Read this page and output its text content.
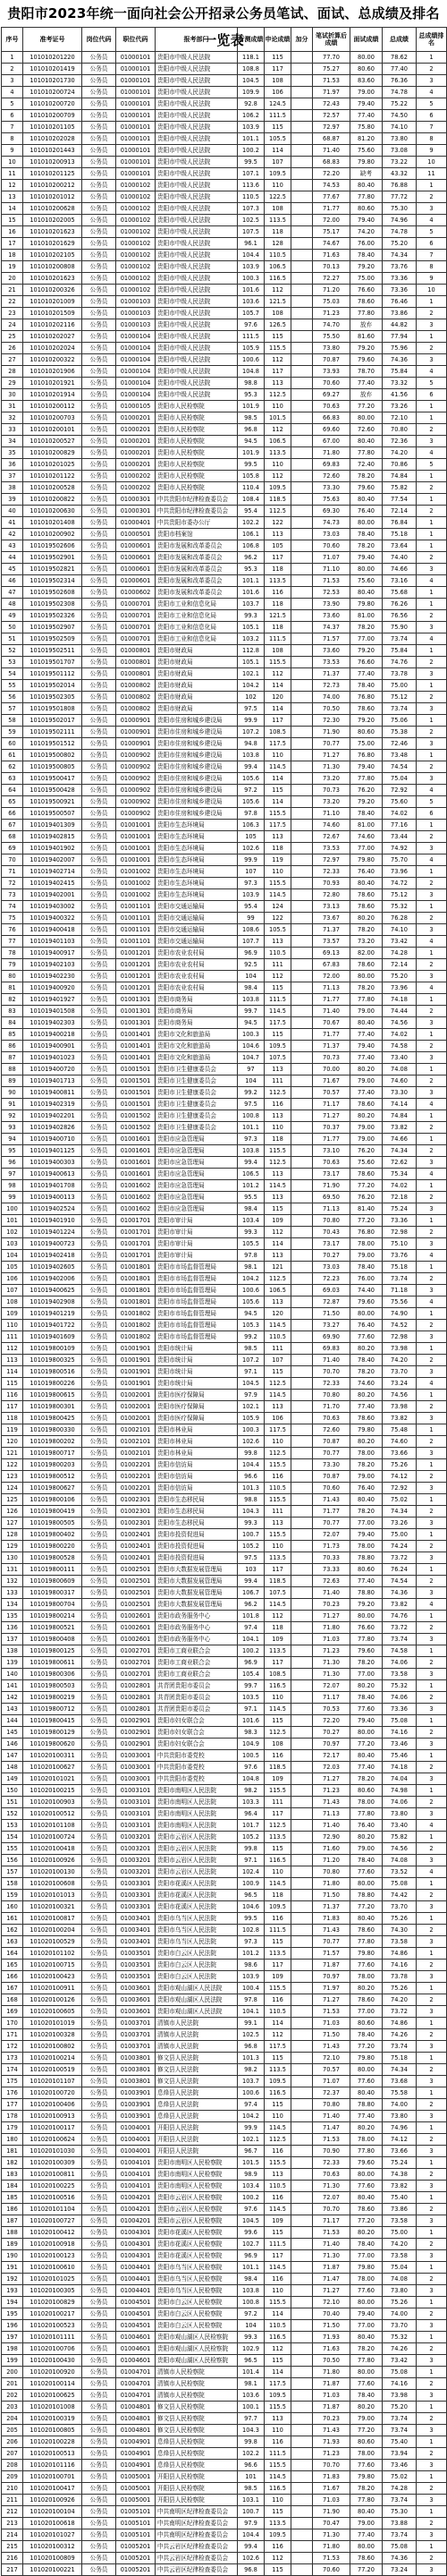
贵阳市2023年统一面向社会公开招录公务员笔试、面试、总成绩及排名一览表
序号	准考证号	岗位代码	职位代码	报考部门	行测成绩	申论成绩	加分	笔试折算后成绩	面试成绩	总成绩	总成绩排名
1	101010201220	公务员	01000101	贵阳市中级人民法院	118.1	115		77.70	80.00	78.62	1
2	101010201419	公务员	01000101	贵阳市中级人民法院	108.8	117		75.27	80.60	77.40	2
3	101010201730	公务员	01000101	贵阳市中级人民法院	104.5	108		71.53	83.60	76.36	3
4	101010200724	公务员	01000101	贵阳市中级人民法院	109.9	106		71.97	79.00	74.78	4
5	101010200720	公务员	01000101	贵阳市中级人民法院	92.8	124.5		72.43	79.40	75.22	5
6	101010200709	公务员	01000101	贵阳市中级人民法院	106.2	111.5		72.57	77.40	74.50	6
7	101010201105	公务员	01000101	贵阳市中级人民法院	103.9	115		72.97	75.80	74.10	7
8	101010202028	公务员	01000101	贵阳市中级人民法院	101.1	105.5		68.87	81.20	73.80	8
9	101010201443	公务员	01000101	贵阳市中级人民法院	100.2	114		71.40	75.60	73.08	9
10	101010200913	公务员	01000101	贵阳市中级人民法院	99.5	107		68.83	79.80	73.22	10
11	101010201125	公务员	01000101	贵阳市中级人民法院	107.1	109.5		72.20	缺考	43.32	11
12	101010200212	公务员	01000102	贵阳市中级人民法院	113.6	110		74.53	80.40	76.88	1
13	101010201012	公务员	01000102	贵阳市中级人民法院	110.5	122.5		77.67	77.80	77.72	2
14	101010200628	公务员	01000102	贵阳市中级人民法院	107.3	108		71.77	80.60	75.30	3
15	101010202005	公务员	01000102	贵阳市中级人民法院	102.5	113.5		72.00	79.40	74.96	4
16	101010201623	公务员	01000102	贵阳市中级人民法院	107.5	118		75.17	74.20	74.78	5
17	101010201629	公务员	01000102	贵阳市中级人民法院	96.1	128		74.67	76.00	75.20	6
18	101010202105	公务员	01000102	贵阳市中级人民法院	104.4	110.5		71.63	78.40	74.34	7
19	101010200808	公务员	01000102	贵阳市中级人民法院	103.9	106.5		70.13	79.20	73.76	8
20	101010201623	公务员	01000102	贵阳市中级人民法院	100.3	116.5		72.27	75.00	73.36	9
21	101010200326	公务员	01000102	贵阳市中级人民法院	101.6	112		71.20	76.60	73.36	10
22	101010201009	公务员	01000103	贵阳市中级人民法院	103.6	121.5		75.03	78.60	76.46	1
23	101010201509	公务员	01000103	贵阳市中级人民法院	105.7	108		71.23	77.80	73.86	2
24	101010202116	公务员	01000103	贵阳市中级人民法院	97.6	126.5		74.70	放弃	44.82	3
25	101010202027	公务员	01000104	贵阳市中级人民法院	111.5	115		75.50	81.60	77.94	1
26	101010202024	公务员	01000104	贵阳市中级人民法院	105.9	115.5		73.80	79.20	75.96	2
27	101010200322	公务员	01000104	贵阳市中级人民法院	100.6	112		70.87	79.60	74.36	3
28	101010201906	公务员	01000104	贵阳市中级人民法院	104.8	117		73.93	78.70	75.84	4
29	101010201921	公务员	01000104	贵阳市中级人民法院	98.8	113		70.60	77.40	73.32	5
30	101010201914	公务员	01000104	贵阳市中级人民法院	95.3	112.5		69.27	放弃	41.56	6
31	101010200112	公务员	01000105	贵阳市人民检察院	101.9	110		70.63	77.20	73.26	1
32	101010200703	公务员	01000201	贵阳市人民检察院	98.5	101.5		66.83	80.00	72.10	1
33	101010200101	公务员	01000201	贵阳市人民检察院	96.8	112		69.60	72.60	70.80	2
34	101010200527	公务员	01000201	贵阳市人民检察院	94.5	106.5		67.00	80.40	72.36	3
35	101010200829	公务员	01000201	贵阳市人民检察院	101.9	113.5		71.80	77.80	74.20	4
36	101010201025	公务员	01000201	贵阳市人民检察院	99.5	110		69.83	72.40	70.86	5
37	101010201122	公务员	01000202	贵阳市人民检察院	105.8	112		72.60	78.20	74.84	1
38	101010200528	公务员	01000202	贵阳市人民检察院	110.4	109.5		73.30	79.60	75.82	2
39	101010200822	公务员	01000301	中共贵阳市纪律检查委员会	108.4	118.5		75.63	80.40	77.54	1
40	101010200630	公务员	01000301	中共贵阳市纪律检查委员会	95.4	112.5		69.30	76.40	72.14	2
41	101010201408	公务员	01000401	中共贵阳市委办公厅	102.2	122		74.73	80.00	76.84	1
42	101010200902	公务员	01000501	贵阳市档案馆	106.1	113		73.03	78.40	75.18	1
43	101019502606	公务员	01000601	贵阳市发展和改革委员会	106.8	105		70.60	78.20	73.64	1
44	101019502901	公务员	01000601	贵阳市发展和改革委员会	96.2	117		71.07	79.40	74.40	2
45	101019502821	公务员	01000601	贵阳市发展和改革委员会	95.3	118		71.10	80.00	74.66	3
46	101019502314	公务员	01000601	贵阳市发展和改革委员会	101.1	113.5		71.53	75.60	73.16	4
47	101019502608	公务员	01000602	贵阳市发展和改革委员会	101.6	116		72.53	80.40	75.68	1
48	101019502308	公务员	01000701	贵阳市工业和信息化局	103.7	118		73.90	79.80	76.26	1
49	101019502326	公务员	01000701	贵阳市工业和信息化局	99.3	121.5		73.60	81.00	76.56	2
50	101019502907	公务员	01000701	贵阳市工业和信息化局	105.1	118		74.37	78.20	75.90	3
51	101019502509	公务员	01000701	贵阳市工业和信息化局	103.2	111.5		71.57	77.00	73.74	4
52	101019502511	公务员	01000801	贵阳市财政局	112.8	108		73.60	79.20	75.84	1
53	101019501707	公务员	01000801	贵阳市财政局	105.1	115.5		73.53	76.60	74.76	2
54	101019501112	公务员	01000801	贵阳市财政局	102.1	112		71.37	77.40	73.78	3
55	101019502014	公务员	01000802	贵阳市财政局	104.2	114		72.73	78.40	75.00	1
56	101019502305	公务员	01000802	贵阳市财政局	102	120		74.00	76.80	75.12	2
57	101019501808	公务员	01000802	贵阳市财政局	97.5	114		70.50	78.60	73.74	3
58	101019502017	公务员	01000901	贵阳市住房和城乡建设局	99.9	117		72.30	79.20	75.06	1
59	101019502111	公务员	01000901	贵阳市住房和城乡建设局	107.2	108.5		71.90	80.60	75.38	2
60	101019501512	公务员	01000901	贵阳市住房和城乡建设局	94.8	117.5		70.77	75.00	72.46	3
61	101019500802	公务员	01000902	贵阳市住房和城乡建设局	103.8	110		71.27	76.80	73.48	1
62	101019500805	公务员	01000902	贵阳市住房和城乡建设局	99.4	114.5		71.30	79.40	74.54	2
63	101019500417	公务员	01000902	贵阳市住房和城乡建设局	105.6	114		73.20	77.80	75.04	3
64	101019500428	公务员	01000902	贵阳市住房和城乡建设局	97.2	115		70.73	76.20	72.92	4
65	101019500921	公务员	01000902	贵阳市住房和城乡建设局	105.6	114		73.20	79.20	75.60	5
66	101019500507	公务员	01000902	贵阳市住房和城乡建设局	97.8	115.5		71.10	78.40	74.02	6
67	101019401309	公务员	01001001	贵阳市生态环境局	106.3	117.5		74.60	81.00	77.16	1
68	101019402815	公务员	01001001	贵阳市生态环境局	105	113		72.67	74.60	73.44	2
69	101019401902	公务员	01001001	贵阳市生态环境局	102.6	118		73.53	77.00	74.92	3
70	101019402007	公务员	01001001	贵阳市生态环境局	99.9	119		72.97	79.80	75.70	4
71	101019402714	公务员	01001002	贵阳市生态环境局	107	110		72.33	76.40	73.96	1
72	101019402415	公务员	01001002	贵阳市生态环境局	97.3	115.5		70.93	80.40	74.72	2
73	101019402001	公务员	01001002	贵阳市生态环境局	103.9	114.5		72.80	78.60	75.12	3
74	101019403002	公务员	01001101	贵阳市交通运输局	95.4	124		73.13	78.60	75.32	1
75	101019400322	公务员	01001101	贵阳市交通运输局	99	122		73.67	80.20	76.28	2
76	101019400418	公务员	01001101	贵阳市交通运输局	108.6	105.5		71.37	78.20	74.10	3
77	101019401103	公务员	01001101	贵阳市交通运输局	107.7	113		73.57	73.20	73.42	4
78	101019400917	公务员	01001201	贵阳市农业农村局	96.9	110.5		69.13	82.00	74.28	1
79	101019402103	公务员	01001201	贵阳市农业农村局	92.5	111		67.83	78.60	72.14	2
80	101019402230	公务员	01001201	贵阳市农业农村局	104	112		72.00	80.00	75.20	3
81	101019400920	公务员	01001201	贵阳市农业农村局	98.4	115		71.13	78.20	73.96	4
82	101019401927	公务员	01001301	贵阳市商务局	103.8	111.5		71.77	77.80	74.18	1
83	101019401508	公务员	01001301	贵阳市商务局	99.7	114.5		71.40	79.00	74.44	2
84	101019402303	公务员	01001301	贵阳市商务局	94.5	117.5		70.67	80.40	74.56	3
85	101019400218	公务员	01001401	贵阳市文化和旅游局	100.3	115		71.77	77.40	74.02	1
86	101019400901	公务员	01001401	贵阳市文化和旅游局	104.6	109.5		71.37	79.40	74.58	2
87	101019401023	公务员	01001401	贵阳市文化和旅游局	104.7	107.5		70.73	77.40	73.40	3
88	101019400720	公务员	01001501	贵阳市卫生健康委员会	97	113		70.00	80.20	74.08	1
89	101019401713	公务员	01001501	贵阳市卫生健康委员会	104	111		71.67	79.00	74.60	2
90	101019400811	公务员	01001501	贵阳市卫生健康委员会	99.2	112.5		70.57	77.40	73.30	3
91	101019402319	公务员	01001501	贵阳市卫生健康委员会	97.5	116		71.17	78.60	74.14	4
92	101019402201	公务员	01001502	贵阳市卫生健康委员会	100.8	113		71.27	80.20	74.84	1
93	101019402826	公务员	01001502	贵阳市卫生健康委员会	101.1	110		70.37	79.00	73.82	2
94	101019400710	公务员	01001601	贵阳市应急管理局	97.3	118		71.77	79.00	74.66	1
95	101019401125	公务员	01001601	贵阳市应急管理局	103.8	115.5		73.10	76.20	74.34	2
96	101019400303	公务员	01001601	贵阳市应急管理局	99.4	112.5		70.63	75.60	72.62	3
97	101019400613	公务员	01001601	贵阳市应急管理局	106.5	113		73.17	78.60	75.34	4
98	101019401708	公务员	01001602	贵阳市应急管理局	101.2	114.5		71.90	77.20	74.02	1
99	101019400113	公务员	01001602	贵阳市应急管理局	95.5	113		69.50	76.20	72.18	2
100	101019402524	公务员	01001602	贵阳市应急管理局	98.4	115		71.13	81.40	75.24	3
101	101019401910	公务员	01001701	贵阳市审计局	103.4	109		70.80	77.20	73.36	1
102	101019401224	公务员	01001701	贵阳市审计局	99.3	112		70.43	76.80	72.98	2
103	101019400723	公务员	01001701	贵阳市审计局	105.5	114		73.17	78.00	75.10	3
104	101019402418	公务员	01001701	贵阳市审计局	97.8	113		70.27	79.00	73.76	4
105	101019402605	公务员	01001801	贵阳市市场监督管理局	98.1	121		73.03	78.40	75.18	1
106	101019402006	公务员	01001801	贵阳市市场监督管理局	104.2	112.5		72.23	76.00	73.74	2
107	101019400625	公务员	01001801	贵阳市市场监督管理局	100.6	106.5		69.03	74.40	71.18	3
108	101019402908	公务员	01001801	贵阳市市场监督管理局	105.6	113		72.87	79.60	75.56	4
109	101019401219	公务员	01001802	贵阳市市场监督管理局	94.5	120		71.50	80.00	74.90	1
110	101019401722	公务员	01001802	贵阳市市场监督管理局	105.3	114.5		73.27	76.40	74.52	2
111	101019401609	公务员	01001802	贵阳市市场监督管理局	99.2	110.5		69.90	77.60	72.98	3
112	101019800109	公务员	01001901	贵阳市统计局	98.5	111		69.83	80.20	73.98	1
113	101019800325	公务员	01001901	贵阳市统计局	107.2	107		71.40	78.40	74.20	2
114	101019800516	公务员	01001901	贵阳市统计局	97.1	115		70.70	78.20	73.70	3
115	101019800226	公务员	01001901	贵阳市统计局	104.5	112.5		72.33	74.60	73.24	4
116	101019800615	公务员	01002001	贵阳市医疗保障局	97.9	114.5		70.80	80.20	74.56	1
117	101019800301	公务员	01002001	贵阳市医疗保障局	102.1	113		71.70	77.40	73.98	2
118	101019800425	公务员	01002001	贵阳市医疗保障局	105.9	106		70.63	78.60	73.82	3
119	101019800330	公务员	01002101	贵阳市林业局	100.3	117.5		72.60	79.80	75.48	1
120	101019800202	公务员	01002101	贵阳市林业局	102.6	110		70.87	80.20	74.60	2
121	101019800717	公务员	01002101	贵阳市林业局	99.8	112.5		70.77	78.00	73.66	3
122	101019800203	公务员	01002201	贵阳市信访局	104.4	115.5		73.30	78.20	75.26	1
123	101019800512	公务员	01002201	贵阳市信访局	96.6	116		70.87	79.00	74.12	2
124	101019800627	公务员	01002201	贵阳市信访局	101.3	110.5		70.60	76.40	72.92	3
125	101019800106	公务员	01002301	贵阳市生态移民局	98.8	115.5		71.43	80.40	75.02	1
126	101019800419	公务员	01002301	贵阳市生态移民局	104.3	111		71.77	78.20	74.34	2
127	101019800505	公务员	01002301	贵阳市生态移民局	99.3	113		70.77	77.00	73.26	3
128	101019800402	公务员	01002401	贵阳市投资促进局	100.7	115.5		72.07	79.40	75.00	1
129	101019800220	公务员	01002401	贵阳市投资促进局	105.2	110		71.73	78.00	74.24	2
130	101019800528	公务员	01002401	贵阳市投资促进局	97.5	113.5		70.33	78.80	73.72	3
131	101019800111	公务员	01002501	贵阳市大数据发展管理局	103	117		73.33	80.60	76.24	1
132	101019800609	公务员	01002501	贵阳市大数据发展管理局	99.4	118.5		72.63	77.40	74.54	2
133	101019800317	公务员	01002501	贵阳市大数据发展管理局	106.7	107.5		71.40	78.80	74.36	3
134	101019800704	公务员	01002501	贵阳市大数据发展管理局	96.2	114.5		70.23	79.20	73.82	4
135	101019800214	公务员	01002601	贵阳市政务服务中心	101.8	112		71.27	80.00	74.76	1
136	101019800521	公务员	01002601	贵阳市政务服务中心	97.4	118		71.80	76.60	73.72	2
137	101019800408	公务员	01002601	贵阳市政务服务中心	104.1	109		71.03	77.80	73.74	3
138	101019800125	公务员	01002701	贵阳市工商业联合会	100.2	113.5		71.23	79.60	74.58	1
139	101019800611	公务员	01002701	贵阳市工商业联合会	96.9	117		71.30	78.20	74.06	2
140	101019800306	公务员	01002701	贵阳市工商业联合会	105.4	108.5		71.30	77.00	73.58	3
141	101019800503	公务员	01002801	共青团贵阳市委员会	99.7	116.5		72.07	80.20	75.32	1
142	101019800219	公务员	01002801	共青团贵阳市委员会	103.5	110		71.17	78.40	74.06	2
143	101019800712	公务员	01002801	共青团贵阳市委员会	97.1	114.5		70.53	77.60	73.36	3
144	101019800415	公务员	01002901	贵阳市妇女联合会	101.6	115		72.20	79.40	75.08	1
145	101019800129	公务员	01002901	贵阳市妇女联合会	98.3	112.5		70.27	80.00	74.16	2
146	101019800620	公务员	01002901	贵阳市妇女联合会	104.9	108		70.97	77.20	73.46	3
147	101020100311	公务员	01003001	中共贵阳市委党校	100.5	116		72.17	80.40	75.46	1
148	101020100627	公务员	01003001	中共贵阳市委党校	97.6	118.5		72.03	77.40	74.18	2
149	101020101021	公务员	01003001	中共贵阳市委党校	104.8	109		71.27	78.20	74.04	3
150	101020100215	公务员	01003101	贵阳市南明区人民法院	98.2	115.5		71.23	80.60	74.98	1
151	101020100903	公务员	01003101	贵阳市南明区人民法院	103.3	111		71.43	78.00	74.06	2
152	101020100512	公务员	01003101	贵阳市南明区人民法院	96.4	117		71.13	77.80	73.80	3
153	101020101108	公务员	01003101	贵阳市南明区人民法院	101.7	112.5		71.40	76.40	73.40	4
154	101020100724	公务员	01003201	贵阳市云岩区人民法院	105.2	113.5		72.90	80.20	75.82	1
155	101020100418	公务员	01003201	贵阳市云岩区人民法院	99.8	115		71.60	79.00	74.56	2
156	101020100926	公务员	01003201	贵阳市云岩区人民法院	97.1	116.5		71.20	78.40	74.08	3
157	101020100130	公务员	01003201	贵阳市云岩区人民法院	102.4	110		70.80	77.60	73.52	4
158	101020100608	公务员	01003301	贵阳市花溪区人民法院	100.9	114.5		71.80	80.00	75.08	1
159	101020101013	公务员	01003301	贵阳市花溪区人民法院	96.5	118		71.50	78.80	74.42	2
160	101020100321	公务员	01003301	贵阳市花溪区人民法院	104.6	109.5		71.37	77.20	73.70	3
161	101020100817	公务员	01003401	贵阳市乌当区人民法院	99.5	116		71.83	80.40	75.26	1
162	101020100204	公务员	01003401	贵阳市乌当区人民法院	102.8	111.5		71.43	78.60	74.30	2
163	101020100529	公务员	01003401	贵阳市乌当区人民法院	97.3	115		70.77	77.80	73.58	3
164	101020101102	公务员	01003501	贵阳市白云区人民法院	101.2	113.5		71.57	79.80	74.86	1
165	101020100715	公务员	01003501	贵阳市白云区人民法院	98.6	117		71.87	77.60	74.16	2
166	101020100423	公务员	01003501	贵阳市白云区人民法院	103.9	109		70.97	78.00	73.78	3
167	101020100911	公务员	01003601	贵阳市观山湖区人民法院	100.4	115.5		71.97	80.20	75.26	1
168	101020100126	公务员	01003601	贵阳市观山湖区人民法院	97.8	116		71.27	78.60	74.20	2
169	101020100605	公务员	01003601	贵阳市观山湖区人民法院	104.1	110.5		71.53	77.00	73.72	3
170	101020101019	公务员	01003701	清镇市人民法院	99.1	114		71.03	80.60	74.86	1
171	101020100328	公务员	01003701	清镇市人民法院	102.5	112		71.50	78.40	74.26	2
172	101020100802	公务员	01003701	清镇市人民法院	96.8	117.5		71.43	77.20	73.74	3
173	101020100214	公务员	01003801	修文县人民法院	101.3	115		72.10	79.80	75.18	1
174	101020100519	公务员	01003801	修文县人民法院	98.2	113.5		70.57	80.00	74.34	2
175	101020101107	公务员	01003801	修文县人民法院	103.7	109.5		71.07	77.60	73.68	3
176	101020100720	公务员	01003901	息烽县人民法院	100.6	116.5		72.37	80.40	75.58	1
177	101020100406	公务员	01003901	息烽县人民法院	97.4	115		70.80	78.80	74.00	2
178	101020100913	公务员	01003901	息烽县人民法院	104.2	110		71.40	77.40	73.80	3
179	101020100117	公务员	01004001	开阳县人民法院	99.9	114.5		71.47	80.20	74.96	1
180	101020100624	公务员	01004001	开阳县人民法院	102.1	112.5		71.53	78.00	74.12	2
181	101020101030	公务员	01004001	开阳县人民法院	96.7	116		70.90	77.80	73.66	3
182	101020100309	公务员	01004101	贵阳市南明区人民检察院	101.5	115.5		72.33	79.60	75.24	1
183	101020100811	公务员	01004101	贵阳市南明区人民检察院	98.9	113		70.63	80.00	74.38	2
184	101020100225	公务员	01004101	贵阳市南明区人民检察院	103.4	110.5		71.30	77.60	73.82	3
185	101020100516	公务员	01004201	贵阳市云岩区人民检察院	100.2	116		72.07	80.40	75.40	1
186	101020101104	公务员	01004201	贵阳市云岩区人民检察院	97.6	114.5		70.70	78.60	73.86	2
187	101020100727	公务员	01004201	贵阳市云岩区人民检察院	104.5	109		71.17	77.20	73.58	3
188	101020100412	公务员	01004301	贵阳市花溪区人民检察院	99.6	115		71.53	80.20	75.00	1
189	101020100918	公务员	01004301	贵阳市花溪区人民检察院	102.7	111.5		71.40	78.40	74.20	2
190	101020100123	公务员	01004301	贵阳市花溪区人民检察院	96.9	117		71.30	77.00	73.58	3
191	101020100610	公务员	01004401	贵阳市乌当区人民检察院	101.1	114.5		71.87	79.80	75.04	1
192	101020101025	公务员	01004401	贵阳市乌当区人民检察院	98.4	116		71.47	78.00	74.08	2
193	101020100305	公务员	01004401	贵阳市乌当区人民检察院	103.8	110		71.27	77.60	73.80	3
194	101020100829	公务员	01004501	贵阳市白云区人民检察院	100.8	115.5		72.10	80.00	75.26	1
195	101020100217	公务员	01004501	贵阳市白云区人民检察院	97.2	114		70.40	79.40	74.00	2
196	101020100523	公务员	01004501	贵阳市白云区人民检察院	104	110.5		71.50	77.00	73.70	3
197	101020101111	公务员	01004601	贵阳市观山湖区人民检察院	99.3	116.5		71.93	80.40	75.32	1
198	101020100706	公务员	01004601	贵阳市观山湖区人民检察院	102.9	112		71.63	78.20	74.26	2
199	101020100430	公务员	01004601	贵阳市观山湖区人民检察院	96.5	115		70.50	77.80	73.42	3
200	101020100920	公务员	01004701	清镇市人民检察院	101.4	114		71.80	80.00	75.08	1
201	101020100114	公务员	01004701	清镇市人民检察院	98.1	117.5		71.87	77.60	74.16	2
202	101020100625	公务员	01004701	清镇市人民检察院	103.6	109.5		71.03	78.40	73.98	3
203	101020101008	公务员	01004801	修文县人民检察院	100.1	115.5		71.87	80.20	75.20	1
204	101020100319	公务员	01004801	修文县人民检察院	97.7	113		70.23	79.00	73.74	2
205	101020100805	公务员	01004801	修文县人民检察院	104.3	110		71.43	77.20	73.74	3
206	101020100228	公务员	01004901	息烽县人民检察院	99.8	116		71.93	80.60	75.40	1
207	101020100513	公务员	01004901	息烽县人民检察院	102.2	111.5		71.23	78.00	73.94	2
208	101020101116	公务员	01004901	息烽县人民检察院	96.6	115.5		70.70	77.60	73.46	3
209	101020100701	公务员	01005001	开阳县人民检察院	101	114.5		71.83	79.80	75.02	1
210	101020100417	公务员	01005001	开阳县人民检察院	98.5	116.5		71.67	78.20	74.28	2
211	101020100926	公务员	01005001	开阳县人民检察院	103.1	110		71.03	77.80	73.74	3
212	101020100104	公务员	01005101	中共南明区纪律检查委员会	100.7	115		71.90	80.40	75.30	1
213	101020100618	公务员	01005101	中共南明区纪律检查委员会	97.9	113.5		70.47	79.00	73.88	2
214	101020101027	公务员	01005101	中共南明区纪律检查委员会	104.4	109.5		71.30	77.40	73.74	3
215	101020100312	公务员	01005201	中共云岩区纪律检查委员会	99.4	116		71.80	80.00	75.08	1
216	101020100809	公务员	01005201	中共云岩区纪律检查委员会	102.6	112		71.53	78.60	74.36	2
217	101020100221	公务员	01005201	中共云岩区纪律检查委员会	96.8	115		70.60	77.20	73.24	3
